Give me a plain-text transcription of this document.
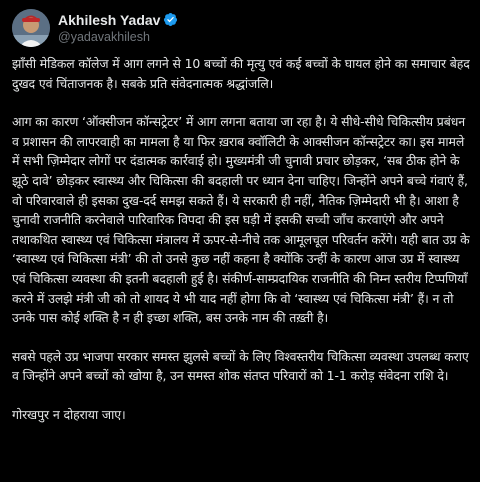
Akhilesh Yadav
@yadavakhilesh

झाँसी मेडिकल कॉलेज में आग लगने से 10 बच्चों की मृत्यु एवं कई बच्चों के घायल होने का समाचार बेहद दुखद एवं चिंताजनक है। सबके प्रति संवेदनात्मक श्रद्धांजलि।

आग का कारण ‘ऑक्सीजन कॉन्सट्रेटर’ में आग लगना बताया जा रहा है। ये सीधे-सीधे चिकित्सीय प्रबंधन व प्रशासन की लापरवाही का मामला है या फिर ख़राब क्वॉलिटी के आक्सीजन कॉन्सट्रेटर का। इस मामले में सभी ज़िम्मेदार लोगों पर दंडात्मक कार्रवाई हो। मुख्यमंत्री जी चुनावी प्रचार छोड़कर, ‘सब ठीक होने के झूठे दावे’ छोड़कर स्वास्थ्य और चिकित्सा की बदहाली पर ध्यान देना चाहिए। जिन्होंने अपने बच्चे गंवाएं हैं, वो परिवारवाले ही इसका दुख-दर्द समझ सकते हैं। ये सरकारी ही नहीं, नैतिक ज़िम्मेदारी भी है। आशा है चुनावी राजनीति करनेवाले पारिवारिक विपदा की इस घड़ी में इसकी सच्ची जाँच करवाएंगे और अपने तथाकथित स्वास्थ्य एवं चिकित्सा मंत्रालय में ऊपर-से-नीचे तक आमूलचूल परिवर्तन करेंगे। यही बात उप्र के ‘स्वास्थ्य एवं चिकित्सा मंत्री’ की तो उनसे कुछ नहीं कहना है क्योंकि उन्हीं के कारण आज उप्र में स्वास्थ्य एवं चिकित्सा व्यवस्था की इतनी बदहाली हुई है। संकीर्ण-साम्प्रदायिक राजनीति की निम्न स्तरीय टिप्पणियाँ करने में उलझे मंत्री जी को तो शायद ये भी याद नहीं होगा कि वो ‘स्वास्थ्य एवं चिकित्सा मंत्री’ हैं। न तो उनके पास कोई शक्ति है न ही इच्छा शक्ति, बस उनके नाम की तख़्ती है।

सबसे पहले उप्र भाजपा सरकार समस्त झुलसे बच्चों के लिए विश्वस्तरीय चिकित्सा व्यवस्था उपलब्ध कराए व जिन्होंने अपने बच्चों को खोया है, उन समस्त शोक संतप्त परिवारों को 1-1 करोड़ संवेदना राशि दे।

गोरखपुर न दोहराया जाए।
